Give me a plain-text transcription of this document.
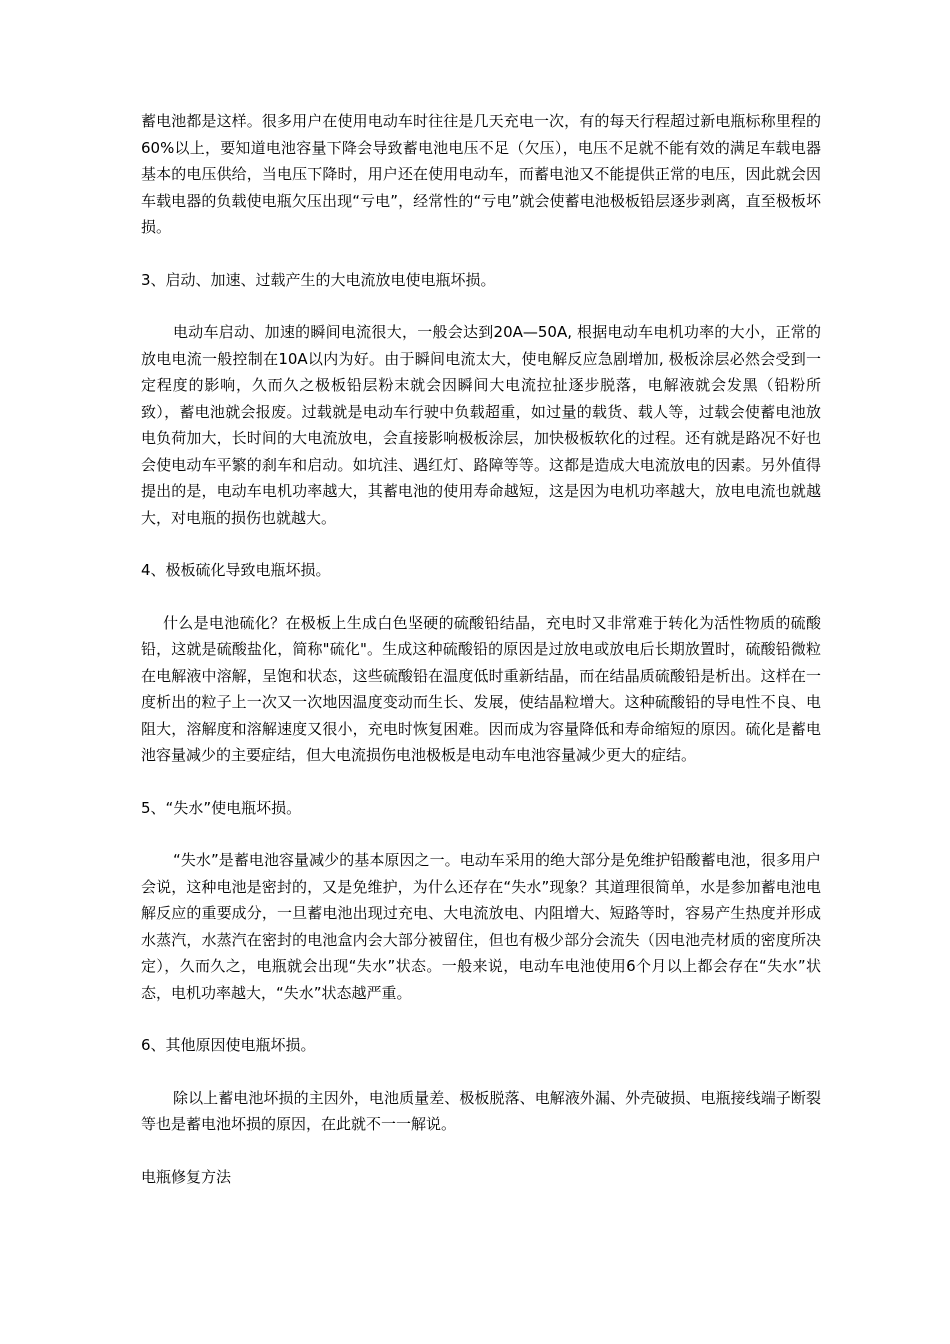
蓄电池都是这样。很多用户在使用电动车时往往是几天充电一次，有的每天行程超过新电瓶标称里程的60%以上，要知道电池容量下降会导致蓄电池电压不足（欠压），电压不足就不能有效的满足车载电器基本的电压供给，当电压下降时，用户还在使用电动车，而蓄电池又不能提供正常的电压，因此就会因车载电器的负载使电瓶欠压出现“亏电”，经常性的“亏电”就会使蓄电池极板铅层逐步剥离，直至极板坏损。

3、启动、加速、过载产生的大电流放电使电瓶坏损。

电动车启动、加速的瞬间电流很大，一般会达到20A—50A, 根据电动车电机功率的大小，正常的放电电流一般控制在10A以内为好。由于瞬间电流太大，使电解反应急剧增加, 极板涂层必然会受到一定程度的影响，久而久之极板铅层粉末就会因瞬间大电流拉扯逐步脱落，电解液就会发黑（铅粉所致），蓄电池就会报废。过载就是电动车行驶中负载超重，如过量的载货、载人等，过载会使蓄电池放电负荷加大，长时间的大电流放电，会直接影响极板涂层，加快极板软化的过程。还有就是路况不好也会使电动车平繁的刹车和启动。如坑洼、遇红灯、路障等等。这都是造成大电流放电的因素。另外值得提出的是，电动车电机功率越大，其蓄电池的使用寿命越短，这是因为电机功率越大，放电电流也就越大，对电瓶的损伤也就越大。

4、极板硫化导致电瓶坏损。

什么是电池硫化？在极板上生成白色坚硬的硫酸铅结晶，充电时又非常难于转化为活性物质的硫酸铅，这就是硫酸盐化，简称"硫化"。生成这种硫酸铅的原因是过放电或放电后长期放置时，硫酸铅微粒在电解液中溶解，呈饱和状态，这些硫酸铅在温度低时重新结晶，而在结晶质硫酸铅是析出。这样在一度析出的粒子上一次又一次地因温度变动而生长、发展，使结晶粒增大。这种硫酸铅的导电性不良、电阻大，溶解度和溶解速度又很小，充电时恢复困难。因而成为容量降低和寿命缩短的原因。硫化是蓄电池容量减少的主要症结，但大电流损伤电池极板是电动车电池容量减少更大的症结。

5、“失水”使电瓶坏损。

“失水”是蓄电池容量减少的基本原因之一。电动车采用的绝大部分是免维护铅酸蓄电池，很多用户会说，这种电池是密封的，又是免维护，为什么还存在“失水”现象？其道理很简单，水是参加蓄电池电解反应的重要成分，一旦蓄电池出现过充电、大电流放电、内阻增大、短路等时，容易产生热度并形成水蒸汽，水蒸汽在密封的电池盒内会大部分被留住，但也有极少部分会流失（因电池壳材质的密度所决定），久而久之，电瓶就会出现“失水”状态。一般来说，电动车电池使用6个月以上都会存在“失水”状态，电机功率越大，“失水”状态越严重。

6、其他原因使电瓶坏损。

除以上蓄电池坏损的主因外，电池质量差、极板脱落、电解液外漏、外壳破损、电瓶接线端子断裂等也是蓄电池坏损的原因，在此就不一一解说。

电瓶修复方法
